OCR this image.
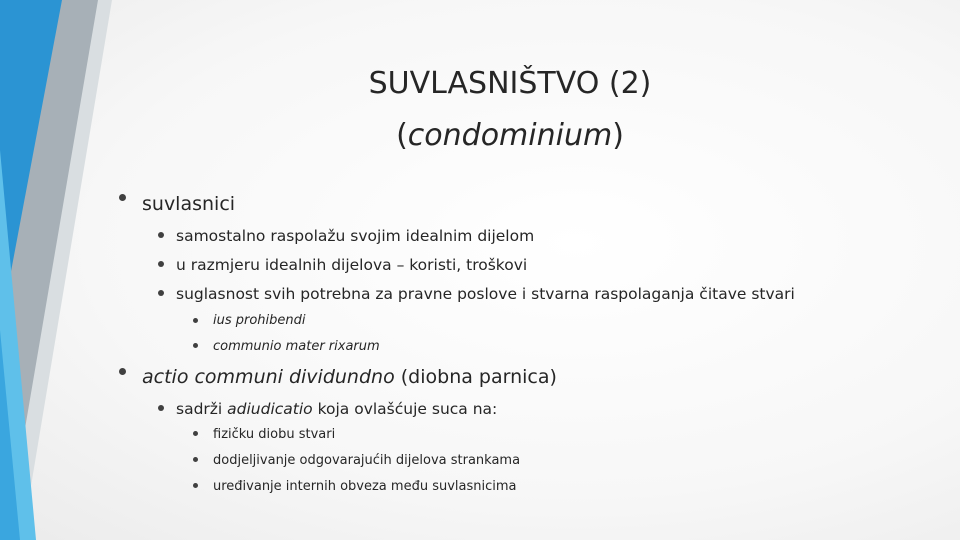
SUVLASNIŠTVO (2)
(condominium)
suvlasnici
samostalno raspolažu svojim idealnim dijelom
u razmjeru idealnih dijelova – koristi, troškovi
suglasnost svih potrebna za pravne poslove i stvarna raspolaganja čitave stvari
ius prohibendi
communio mater rixarum
actio communi dividundno (diobna parnica)
sadrži adiudicatio koja ovlašćuje suca na:
fizičku diobu stvari
dodjeljivanje odgovarajućih dijelova strankama
uređivanje internih obveza među suvlasnicima
